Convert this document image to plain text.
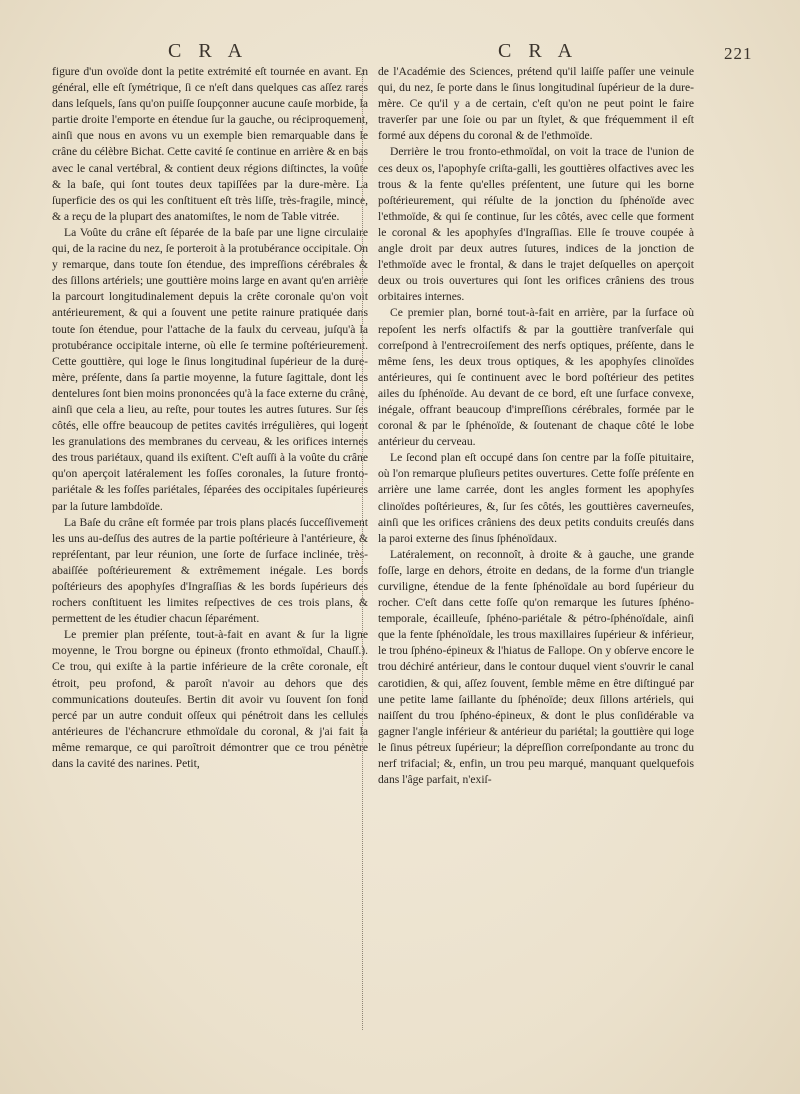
C R A	C R A	221

figure d'un ovoïde dont la petite extrémité eſt tournée en avant. En général, elle eſt ſymétrique, ſi ce n'eſt dans quelques cas aſſez rares dans leſquels, ſans qu'on puiſſe ſoupçonner aucune cauſe morbide, la partie droite l'emporte en étendue ſur la gauche, ou réciproquement, ainſi que nous en avons vu un exemple bien remarquable dans le crâne du célèbre Bichat. Cette cavité ſe continue en arrière & en bas avec le canal vertébral, & contient deux régions diſtinctes, la voûte & la baſe, qui ſont toutes deux tapiſſées par la dure-mère. La ſuperficie des os qui les conſtituent eſt très liſſe, très-fragile, mince, & a reçu de la plupart des anatomiſtes, le nom de Table vitrée.

La Voûte du crâne eſt ſéparée de la baſe par une ligne circulaire qui, de la racine du nez, ſe porteroit à la protubérance occipitale. On y remarque, dans toute ſon étendue, des impreſſions cérébrales & des ſillons artériels; une gouttière moins large en avant qu'en arrière la parcourt longitudinalement depuis la crête coronale qu'on voit antérieurement, & qui a ſouvent une petite rainure pratiquée dans toute ſon étendue, pour l'attache de la faulx du cerveau, juſqu'à la protubérance occipitale interne, où elle ſe termine poſtérieurement. Cette gouttière, qui loge le ſinus longitudinal ſupérieur de la dure-mère, préſente, dans ſa partie moyenne, la future ſagittale, dont les dentelures ſont bien moins prononcées qu'à la face externe du crâne, ainſi que cela a lieu, au reſte, pour toutes les autres ſutures. Sur ſes côtés, elle offre beaucoup de petites cavités irrégulières, qui logent les granulations des membranes du cerveau, & les orifices internes des trous pariétaux, quand ils exiſtent. C'eſt auſſi à la voûte du crâne qu'on aperçoit latéralement les foſſes coronales, la ſuture fronto-pariétale & les foſſes pariétales, ſéparées des occipitales ſupérieures par la ſuture lambdoïde.

La Baſe du crâne eſt formée par trois plans placés ſucceſſivement les uns au-deſſus des autres de la partie poſtérieure à l'antérieure, & repréſentant, par leur réunion, une ſorte de ſurface inclinée, très-abaiſſée poſtérieurement & extrêmement inégale. Les bords poſtérieurs des apophyſes d'Ingraſſias & les bords ſupérieurs des rochers conſtituent les limites reſpectives de ces trois plans, & permettent de les étudier chacun ſéparément.

Le premier plan préſente, tout-à-fait en avant & ſur la ligne moyenne, le Trou borgne ou épineux (fronto ethmoïdal, Chauſſ.). Ce trou, qui exiſte à la partie inférieure de la crête coronale, eſt étroit, peu profond, & paroît n'avoir au dehors que des communications douteuſes. Bertin dit avoir vu ſouvent ſon fond percé par un autre conduit oſſeux qui pénétroit dans les cellules antérieures de l'échancrure ethmoïdale du coronal, & j'ai fait la même remarque, ce qui paroîtroit démontrer que ce trou pénètre dans la cavité des narines. Petit,

de l'Académie des Sciences, prétend qu'il laiſſe paſſer une veinule qui, du nez, ſe porte dans le ſinus longitudinal ſupérieur de la dure-mère. Ce qu'il y a de certain, c'eſt qu'on ne peut point le faire traverſer par une ſoie ou par un ſtylet, & que fréquemment il eſt formé aux dépens du coronal & de l'ethmoïde.

Derrière le trou fronto-ethmoïdal, on voit la trace de l'union de ces deux os, l'apophyſe criſta-galli, les gouttières olfactives avec les trous & la fente qu'elles préſentent, une ſuture qui les borne poſtérieurement, qui réſulte de la jonction du ſphénoïde avec l'ethmoïde, & qui ſe continue, ſur les côtés, avec celle que forment le coronal & les apophyſes d'Ingraſſias. Elle ſe trouve coupée à angle droit par deux autres ſutures, indices de la jonction de l'ethmoïde avec le frontal, & dans le trajet deſquelles on aperçoit deux ou trois ouvertures qui ſont les orifices crâniens des trous orbitaires internes.

Ce premier plan, borné tout-à-fait en arrière, par la ſurface où repoſent les nerfs olfactifs & par la gouttière tranſverſale qui correſpond à l'entrecroiſement des nerfs optiques, préſente, dans le même ſens, les deux trous optiques, & les apophyſes clinoïdes antérieures, qui ſe continuent avec le bord poſtérieur des petites ailes du ſphénoïde. Au devant de ce bord, eſt une ſurface convexe, inégale, offrant beaucoup d'impreſſions cérébrales, formée par le coronal & par le ſphénoïde, & ſoutenant de chaque côté le lobe antérieur du cerveau.

Le ſecond plan eſt occupé dans ſon centre par la foſſe pituitaire, où l'on remarque pluſieurs petites ouvertures. Cette foſſe préſente en arrière une lame carrée, dont les angles forment les apophyſes clinoïdes poſtérieures, &, ſur ſes côtés, les gouttières caverneuſes, ainſi que les orifices crâniens des deux petits conduits creuſés dans la paroi externe des ſinus ſphénoïdaux.

Latéralement, on reconnoît, à droite & à gauche, une grande foſſe, large en dehors, étroite en dedans, de la forme d'un triangle curviligne, étendue de la fente ſphénoïdale au bord ſupérieur du rocher. C'eſt dans cette foſſe qu'on remarque les ſutures ſphéno-temporale, écailleuſe, ſphéno-pariétale & pétro-ſphénoïdale, ainſi que la fente ſphénoïdale, les trous maxillaires ſupérieur & inférieur, le trou ſphéno-épineux & l'hiatus de Fallope. On y obſerve encore le trou déchiré antérieur, dans le contour duquel vient s'ouvrir le canal carotidien, & qui, aſſez ſouvent, ſemble même en être diſtingué par une petite lame ſaillante du ſphénoïde; deux ſillons artériels, qui naiſſent du trou ſphéno-épineux, & dont le plus conſidérable va gagner l'angle inférieur & antérieur du pariétal; la gouttière qui loge le ſinus pétreux ſupérieur; la dépreſſion correſpondante au tronc du nerf trifacial; &, enfin, un trou peu marqué, manquant quelquefois dans l'âge parfait, n'exiſ-
